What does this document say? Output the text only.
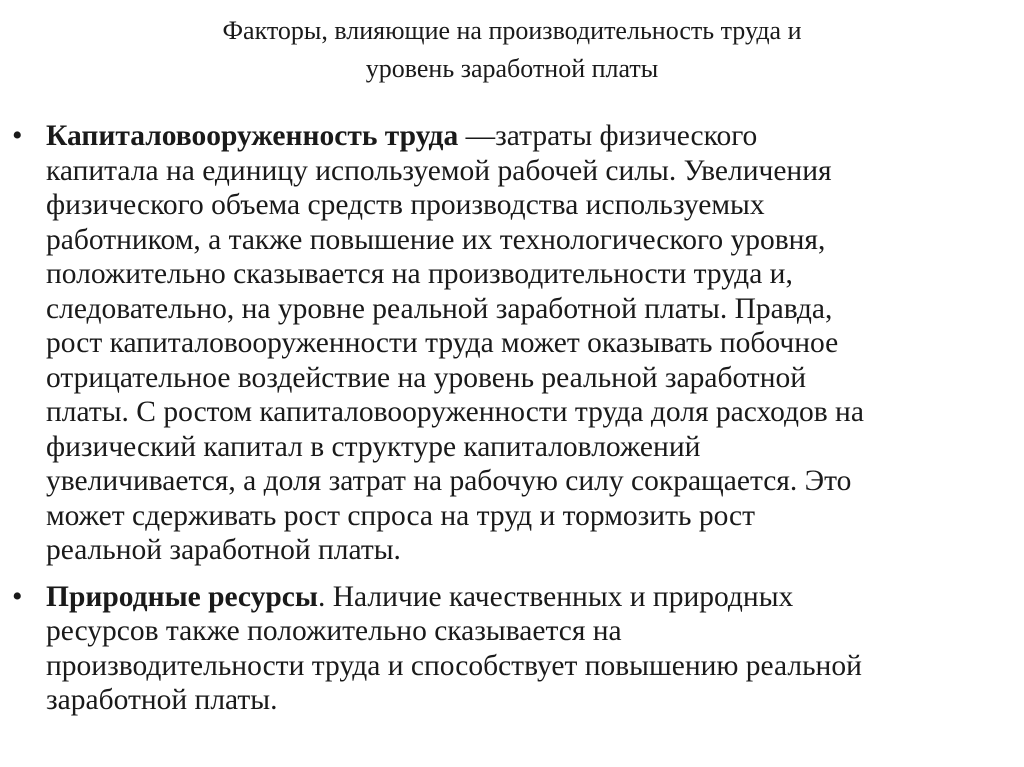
Факторы, влияющие на производительность труда и
уровень заработной платы
• Капиталовооруженность труда —затраты физического
капитала на единицу используемой рабочей силы. Увеличения
физического объема средств производства используемых
работником, а также повышение их технологического уровня,
положительно сказывается на производительности труда и,
следовательно, на уровне реальной заработной платы. Правда,
рост капиталовооруженности труда может оказывать побочное
отрицательное воздействие на уровень реальной заработной
платы. С ростом капиталовооруженности труда доля расходов на
физический капитал в структуре капиталовложений
увеличивается, а доля затрат на рабочую силу сокращается. Это
может сдерживать рост спроса на труд и тормозить рост
реальной заработной платы.
• Природные ресурсы. Наличие качественных и природных
ресурсов также положительно сказывается на
производительности труда и способствует повышению реальной
заработной платы.
